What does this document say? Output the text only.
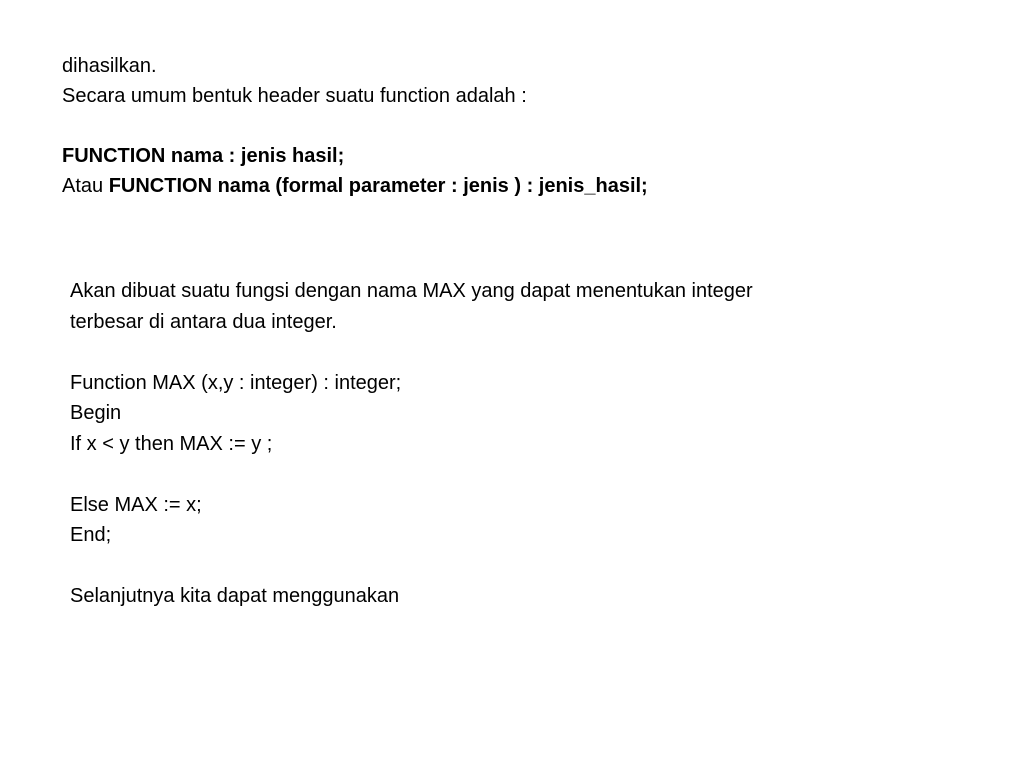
dihasilkan.
Secara umum bentuk header suatu function adalah :
FUNCTION nama : jenis hasil;
Atau FUNCTION nama (formal parameter : jenis ) : jenis_hasil;
Akan dibuat suatu fungsi dengan nama MAX yang dapat menentukan integer
terbesar di antara dua integer.
Function MAX (x,y : integer) : integer;
Begin
If x < y then MAX := y ;
Else MAX := x;
End;
Selanjutnya kita dapat menggunakan
